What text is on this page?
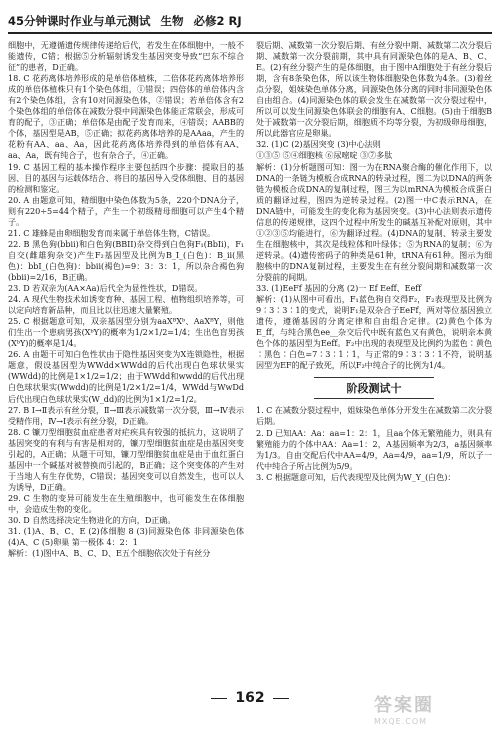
45分钟课时作业与单元测试 生物 必修2 RJ

细胞中，无遵循遗传规律传递给后代，若发生在体细胞中，一般不能遗传，C错；根据⑤分析辐射诱发生基因突变导致“巴东不综合征”的患者，D正确。

18. C 花药离体培养形成的是单倍体植株，二倍体花药离体培养形成的单倍体植株只有1个染色体组，①错误；四倍体的单倍体内含有2个染色体组，含有10对同源染色体，②错误；若单倍体含有2个染色体组的单倍体在减数分裂中同源染色体能正常联会，形成可育的配子，③正确；单倍体是由配子发育而来，④错误；AABB的个体，基因型是AB，⑤正确；拟花药离体培养的是AAaa，产生的花粉有AA、aa、Aa，因此花药离体培养得到的单倍体有AA、aa、Aa，既有纯合子，也有杂合子，④正确。

19. C 基因工程的基本操作程序主要包括四个步骤：提取目的基因、目的基因与运载体结合、将目的基因导入受体细胞、目的基因的检测和鉴定。

20. A 由题意可知，精细胞中染色体数为5条，220个DNA分子，则有220÷5=44个精子，产生一个初级精母细胞可以产生4个精子。

21. C 雄蜂是由卵细胞发育而来属于单倍体生物，C错误。

22. B 黑色狗(bbii)和白色狗(BBII)杂交得到白色狗F₁(BbIi)，F₁自交(雌雄狗杂交)产生F₂基因型及比例为B_I_(白色)：B_ii(黑色)：bbI_(白色狗)：bbii(褐色)=9：3：3：1，所以杂合褐色狗(bbii)=2/16，B正确。

23. D 若双亲为(AA×Aa)后代全为显性性状，D错误。

24. A 现代生物技术如诱变育种、基因工程、植物组织培养等，可以定向培育新品种，而且比以往迅速大量繁殖。

25. C 根据题意可知，双亲基因型分别为aaXᴮXᵇ、AaXᴮY，则他们生出一个患病男孩(XᵇY)的概率为1/2×1/2=1/4；生出色盲男孩(XᵇY)的概率是1/4。

26. A 由题干可知白色性状由于隐性基因突变为X连锁隐性，根据题意，假设基因型为WWdd×WWdd的后代出现白色球状果实(WWdd)的比例是1×1/2=1/2；由于WWdd和wwdd的后代出现白色球状果实(Wwdd)的比例是1/2×1/2=1/4，WWdd与WwDd后代出现白色球状果实(W_dd)的比例为1×1/2=1/2。

27. B Ⅰ→Ⅱ表示有丝分裂，Ⅱ→Ⅲ表示减数第一次分裂，Ⅲ→Ⅳ表示受精作用，Ⅳ→Ⅰ表示有丝分裂，D正确。

28. C 镰刀型细胞贫血症患者对疟疾具有较强的抵抗力，这说明了基因突变的有利与有害是相对的，镰刀型细胞贫血症是由基因突变引起的，A正确；从题干可知，镰刀型细胞贫血症是由于血红蛋白基因中一个碱基对被替换而引起的，B正确；这个突变体的产生对于当地人有生存优势，C错误；基因突变可以自然发生，也可以人为诱导，D正确。

29. C 生物的变异可能发生在生殖细胞中，也可能发生在体细胞中，会造成生物的变化。

30. D 自然选择决定生物进化的方向，D正确。

31. (1)A、B、C、E (2)体细胞 8 (3)同源染色体 非同源染色体 (4)A、C (5)卵巢 第一极体 4：2：1

解析：(1)图中A、B、C、D、E五个细胞依次处于有丝分

裂后期、减数第一次分裂后期、有丝分裂中期、减数第二次分裂后期、减数第一次分裂前期，其中具有同源染色体的是A、B、C、E。(2)有丝分裂产生的是体细胞，由于图中A细胞处于有丝分裂后期，含有8条染色体，所以该生物体细胞染色体数为4条。(3)着丝点分裂，姐妹染色单体分离，同源染色体分离的同时非同源染色体自由组合。(4)同源染色体的联会发生在减数第一次分裂过程中，所以可以发生同源染色体联会的细胞有A、C细胞。(5)由于细胞B处于减数第一次分裂后期，细胞质不均等分裂，为初级卵母细胞，所以此器官应是卵巢。

32. (1)C (2)基因突变 (3)中心法则

①③⑤ ⑤④细胞核 ⑥尿嘧啶 ③⑦多肽

解析：(1)分析题图可知：图一为在RNA聚合酶的催化作用下，以DNA的一条链为模板合成RNA的转录过程，图二为以DNA的两条链为模板合成DNA的复制过程，图三为以mRNA为模板合成蛋白质的翻译过程，图四为逆转录过程。(2)图一中C表示RNA，在DNA链中，可能发生的变化称为基因突变。(3)中心法则表示遗传信息的传递规律，这四个过程中所发生的碱基互补配对原则，其中①②③⑤均能进行，⑥为翻译过程。(4)DNA的复制、转录主要发生在细胞核中，其次是线粒体和叶绿体；⑤为RNA的复制；⑥为逆转录。(4)遗传密码子的种类是61种，tRNA有61种。图示为细胞核中的DNA复制过程，主要发生在有丝分裂间期和减数第一次分裂前的间期。

33. (1)EeFf 基因的分离 (2)一 Ef Eeff、Eeff

解析：(1)从图中可看出，F₁蓝色狗自交得F₂，F₂表现型及比例为9∶3∶3∶1的变式，说明F₁是双杂合子EeFf，两对等位基因独立遗传，遵循基因的分离定律和自由组合定律。(2)黄色个体为E_ff，与纯合黑色ee__杂交后代中既有蓝色又有黄色，说明亲本黄色个体的基因型为Eeff。F₂中出现的表现型及比例约为蓝色∶黄色∶黑色∶白色=7∶3∶1∶1，与正常的9∶3∶3∶1不符，说明基因型为EF的配子致死，所以F₂中纯合子的比例为1/4。

阶段测试十

1. C 在减数分裂过程中，姐妹染色单体分开发生在减数第二次分裂后期。

2. D 已知AA：Aa：aa=1：2：1，且aa个体无繁殖能力，则具有繁殖能力的个体中AA：Aa=1：2，A基因频率为2/3，a基因频率为1/3。自由交配后代中AA=4/9，Aa=4/9，aa=1/9，所以子一代中纯合子所占比例为5/9。

3. C 根据题意可知，后代表现型及比例为W_Y_(白色)：

162	答案圈
MXQE.COM
